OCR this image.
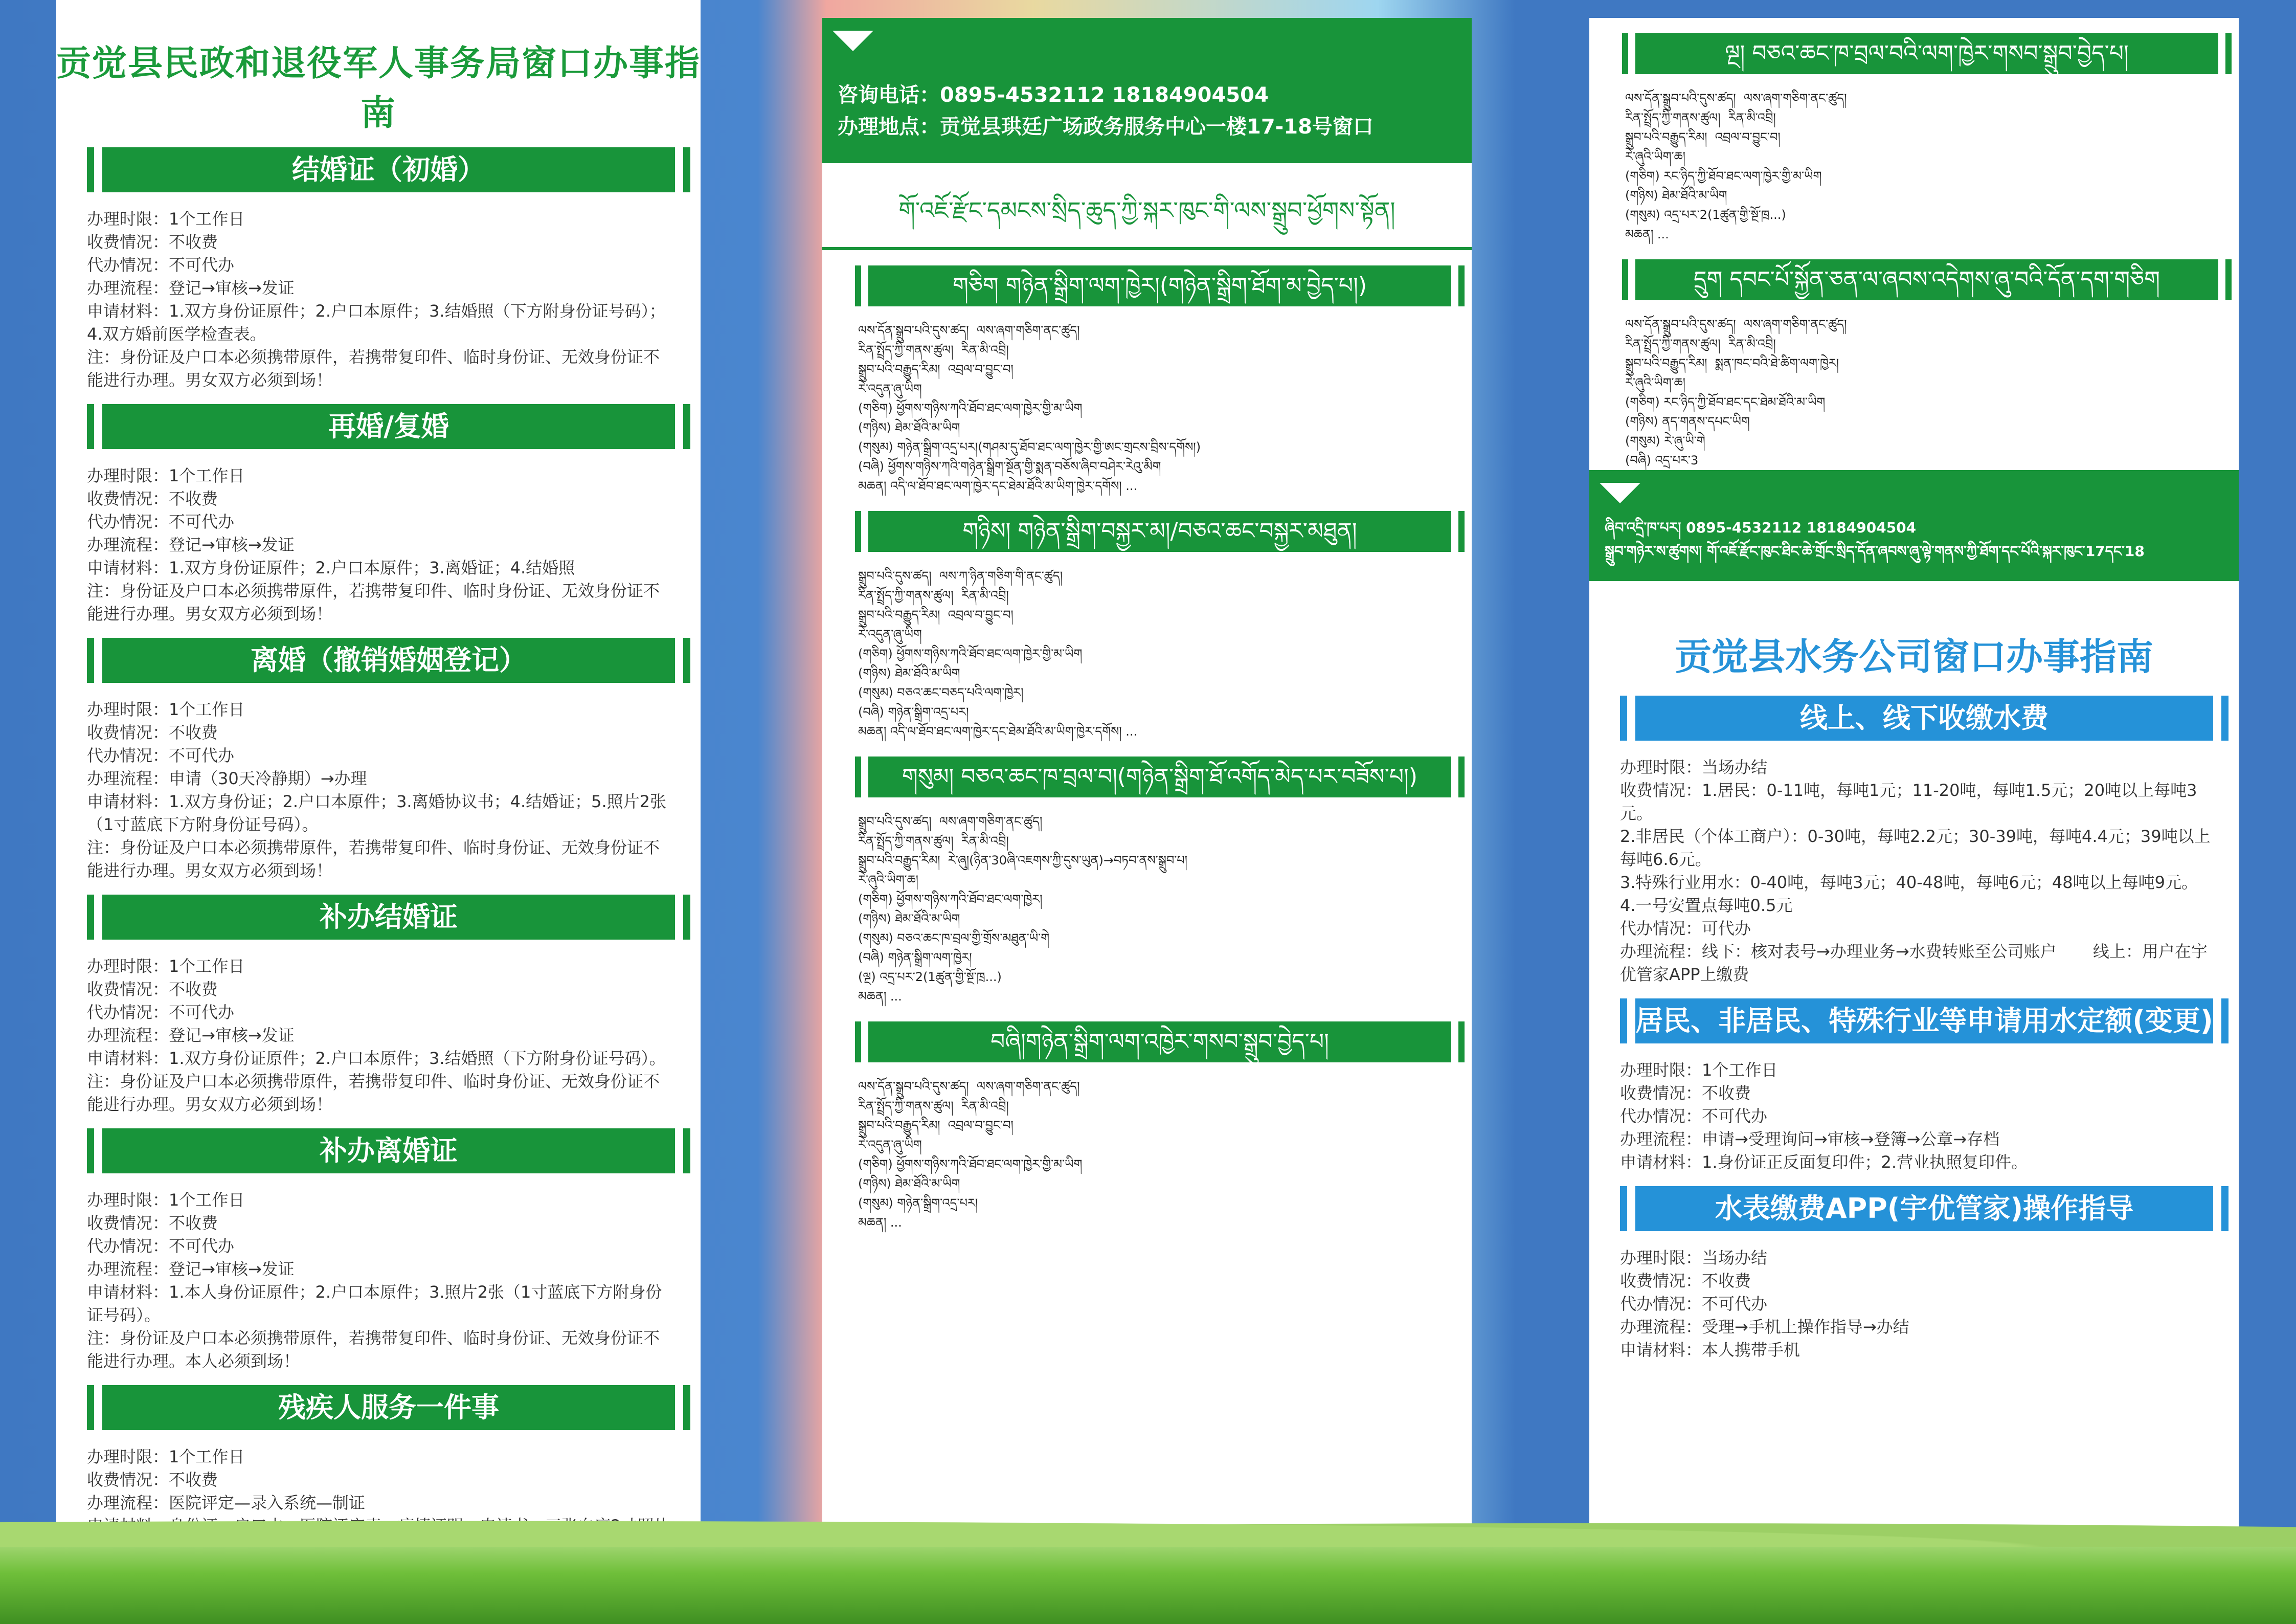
贡觉县民政和退役军人事务局窗口办事指南
结婚证（初婚）
办理时限：1个工作日
收费情况：不收费
代办情况：不可代办
办理流程：登记→审核→发证
申请材料：1.双方身份证原件；2.户口本原件；3.结婚照（下方附身份证号码）；4.双方婚前医学检查表。
注：身份证及户口本必须携带原件，若携带复印件、临时身份证、无效身份证不能进行办理。男女双方必须到场！
再婚/复婚
办理时限：1个工作日
收费情况：不收费
代办情况：不可代办
办理流程：登记→审核→发证
申请材料：1.双方身份证原件；2.户口本原件；3.离婚证；4.结婚照
注：身份证及户口本必须携带原件，若携带复印件、临时身份证、无效身份证不能进行办理。男女双方必须到场！
离婚（撤销婚姻登记）
办理时限：1个工作日
收费情况：不收费
代办情况：不可代办
办理流程：申请（30天冷静期）→办理
申请材料：1.双方身份证；2.户口本原件；3.离婚协议书；4.结婚证；5.照片2张（1寸蓝底下方附身份证号码）。
注：身份证及户口本必须携带原件，若携带复印件、临时身份证、无效身份证不能进行办理。男女双方必须到场！
补办结婚证
办理时限：1个工作日
收费情况：不收费
代办情况：不可代办
办理流程：登记→审核→发证
申请材料：1.双方身份证原件；2.户口本原件；3.结婚照（下方附身份证号码）。
注：身份证及户口本必须携带原件，若携带复印件、临时身份证、无效身份证不能进行办理。男女双方必须到场！
补办离婚证
办理时限：1个工作日
收费情况：不收费
代办情况：不可代办
办理流程：登记→审核→发证
申请材料：1.本人身份证原件；2.户口本原件；3.照片2张（1寸蓝底下方附身份证号码）。
注：身份证及户口本必须携带原件，若携带复印件、临时身份证、无效身份证不能进行办理。本人必须到场！
残疾人服务一件事
办理时限：1个工作日
收费情况：不收费
办理流程：医院评定—录入系统—制证
咨询电话：0895-4532112 18184904504
办理地点：贡觉县珙廷广场政务服务中心一楼17-18号窗口
གོ་འཇོ་རྫོང་དམངས་སྲིད་ཆུད་ཀྱི་སྐར་ཁུང་གི་ལས་སྒྲུབ་ཕྱོགས་སྟོན།
གཅིག གཉེན་སྒྲིག་ལག་ཁྱེར།(གཉེན་སྒྲིག་ཐོག་མ་བྱེད་པ།)
ལས་དོན་སྒྲུབ་པའི་དུས་ཚད།  ལས་ཞག་གཅིག་ནང་ཚུད།
རིན་སྤྲོད་ཀྱི་གནས་ཚུལ།  རིན་མི་འབྲི།
སྒྲུབ་པའི་བརྒྱུད་རིམ།  འབྲལ་བ་བྱུང་བ།
རེ་འདུན་ཞུ་ཡིག
(གཅིག) ཕྱོགས་གཉིས་ཀའི་ཐོབ་ཐང་ལག་ཁྱེར་གྱི་མ་ཡིག
(གཉིས) ཐེམ་ཐོའི་མ་ཡིག
(གསུམ) གཉེན་སྒྲིག་འདྲ་པར།(གཤམ་དུ་ཐོབ་ཐང་ལག་ཁྱེར་གྱི་ཨང་གྲངས་བྲིས་དགོས།)
(བཞི) ཕྱོགས་གཉིས་ཀའི་གཉེན་སྒྲིག་སྔོན་གྱི་སྨན་བཅོས་ཞིབ་བཤེར་རེའུ་མིག
མཆན། འདི་ལ་ཐོབ་ཐང་ལག་ཁྱེར་དང་ཐེམ་ཐོའི་མ་ཡིག་ཁྱེར་དགོས། ...
གཉིས། གཉེན་སྒྲིག་བསྐྱར་མ།/བཅའ་ཆང་བསྐྱར་མཐུན།
སྒྲུབ་པའི་དུས་ཚད།  ལས་ཀ་ཉིན་གཅིག་གི་ནང་ཚུད།
རིན་སྤྲོད་ཀྱི་གནས་ཚུལ།  རིན་མི་འབྲི།
སྒྲུབ་པའི་བརྒྱུད་རིམ།  འབྲལ་བ་བྱུང་བ།
རེ་འདུན་ཞུ་ཡིག
(གཅིག) ཕྱོགས་གཉིས་ཀའི་ཐོབ་ཐང་ལག་ཁྱེར་གྱི་མ་ཡིག
(གཉིས) ཐེམ་ཐོའི་མ་ཡིག
(གསུམ) བཅའ་ཆང་བཅད་པའི་ལག་ཁྱེར།
(བཞི) གཉེན་སྒྲིག་འདྲ་པར།
མཆན། འདི་ལ་ཐོབ་ཐང་ལག་ཁྱེར་དང་ཐེམ་ཐོའི་མ་ཡིག་ཁྱེར་དགོས། ...
གསུམ། བཅའ་ཆང་ཁ་བྲལ་བ།(གཉེན་སྒྲིག་ཐོ་འགོད་མེད་པར་བཟོས་པ།)
སྒྲུབ་པའི་དུས་ཚད།  ལས་ཞག་གཅིག་ནང་ཚུད།
རིན་སྤྲོད་ཀྱི་གནས་ཚུལ།  རིན་མི་འབྲི།
སྒྲུབ་པའི་བརྒྱུད་རིམ།  རེ་ཞུ།(ཉིན་30ཞི་འཇགས་ཀྱི་དུས་ཡུན)→བཏབ་ནས་སྒྲུབ་པ།
རེ་ཞུའི་ཡིག་ཆ།
(གཅིག) ཕྱོགས་གཉིས་ཀའི་ཐོབ་ཐང་ལག་ཁྱེར།
(གཉིས) ཐེམ་ཐོའི་མ་ཡིག
(གསུམ) བཅའ་ཆང་ཁ་བྲལ་གྱི་གྲོས་མཐུན་ཡི་གེ
(བཞི) གཉེན་སྒྲིག་ལག་ཁྱེར།
(ལྔ) འདྲ་པར་2(1ཚུན་གྱི་སྔོ་ཁྲ...)
མཆན། ...
བཞི།གཉེན་སྒྲིག་ལག་འཁྱེར་གསབ་སྒྲུབ་བྱེད་པ།
ལས་དོན་སྒྲུབ་པའི་དུས་ཚད།  ལས་ཞག་གཅིག་ནང་ཚུད།
རིན་སྤྲོད་ཀྱི་གནས་ཚུལ།  རིན་མི་འབྲི།
སྒྲུབ་པའི་བརྒྱུད་རིམ།  འབྲལ་བ་བྱུང་བ།
རེ་འདུན་ཞུ་ཡིག
(གཅིག) ཕྱོགས་གཉིས་ཀའི་ཐོབ་ཐང་ལག་ཁྱེར་གྱི་མ་ཡིག
(གཉིས) ཐེམ་ཐོའི་མ་ཡིག
(གསུམ) གཉེན་སྒྲིག་འདྲ་པར།
མཆན། ...
ལྔ། བཅའ་ཆང་ཁ་བྲལ་བའི་ལག་ཁྱེར་གསབ་སྒྲུབ་བྱེད་པ།
ལས་དོན་སྒྲུབ་པའི་དུས་ཚད།  ལས་ཞག་གཅིག་ནང་ཚུད།
རིན་སྤྲོད་ཀྱི་གནས་ཚུལ།  རིན་མི་འབྲི།
སྒྲུབ་པའི་བརྒྱུད་རིམ།  འབྲལ་བ་བྱུང་བ།
རེ་ཞུའི་ཡིག་ཆ།
(གཅིག) རང་ཉིད་ཀྱི་ཐོབ་ཐང་ལག་ཁྱེར་གྱི་མ་ཡིག
(གཉིས) ཐེམ་ཐོའི་མ་ཡིག
(གསུམ) འདྲ་པར་2(1ཚུན་གྱི་སྔོ་ཁྲ...)
མཆན། ...
དྲུག དབང་པོ་སྐྱོན་ཅན་ལ་ཞབས་འདེགས་ཞུ་བའི་དོན་དག་གཅིག
ལས་དོན་སྒྲུབ་པའི་དུས་ཚད།  ལས་ཞག་གཅིག་ནང་ཚུད།
རིན་སྤྲོད་ཀྱི་གནས་ཚུལ།  རིན་མི་འབྲི།
སྒྲུབ་པའི་བརྒྱུད་རིམ།  སྨན་ཁང་བའི་ཐེ་ཚིག་ལག་ཁྱེར།
རེ་ཞུའི་ཡིག་ཆ།
(གཅིག) རང་ཉིད་ཀྱི་ཐོབ་ཐང་དང་ཐེམ་ཐོའི་མ་ཡིག
(གཉིས) ནད་གནས་དཔང་ཡིག
(གསུམ) རེ་ཞུ་ཡི་གེ
(བཞི) འདྲ་པར་3
ཞིབ་འདྲི་ཁ་པར། 0895-4532112 18184904504
སྒྲུབ་གཉེར་ས་ཚུགས། གོ་འཇོ་རྫོང་ཁུང་ཐིང་ཆེ་གྲོང་སྲིད་དོན་ཞབས་ཞུ་ལྟེ་གནས་ཀྱི་ཐོག་དང་པོའི་སྐར་ཁུང་17དང་18
贡觉县水务公司窗口办事指南
线上、线下收缴水费
办理时限：当场办结
收费情况：1.居民：0-11吨，每吨1元；11-20吨，每吨1.5元；20吨以上每吨3元。
2.非居民（个体工商户）：0-30吨，每吨2.2元；30-39吨，每吨4.4元；39吨以上每吨6.6元。
3.特殊行业用水：0-40吨，每吨3元；40-48吨，每吨6元；48吨以上每吨9元。
4.一号安置点每吨0.5元
代办情况：可代办
办理流程：线下：核对表号→办理业务→水费转账至公司账户       线上：用户在宇优管家APP上缴费
居民、非居民、特殊行业等申请用水定额(变更)
办理时限：1个工作日
收费情况：不收费
代办情况：不可代办
办理流程：申请→受理询问→审核→登簿→公章→存档
申请材料：1.身份证正反面复印件；2.营业执照复印件。
水表缴费APP(宇优管家)操作指导
办理时限：当场办结
收费情况：不收费
代办情况：不可代办
办理流程：受理→手机上操作指导→办结
申请材料：本人携带手机
